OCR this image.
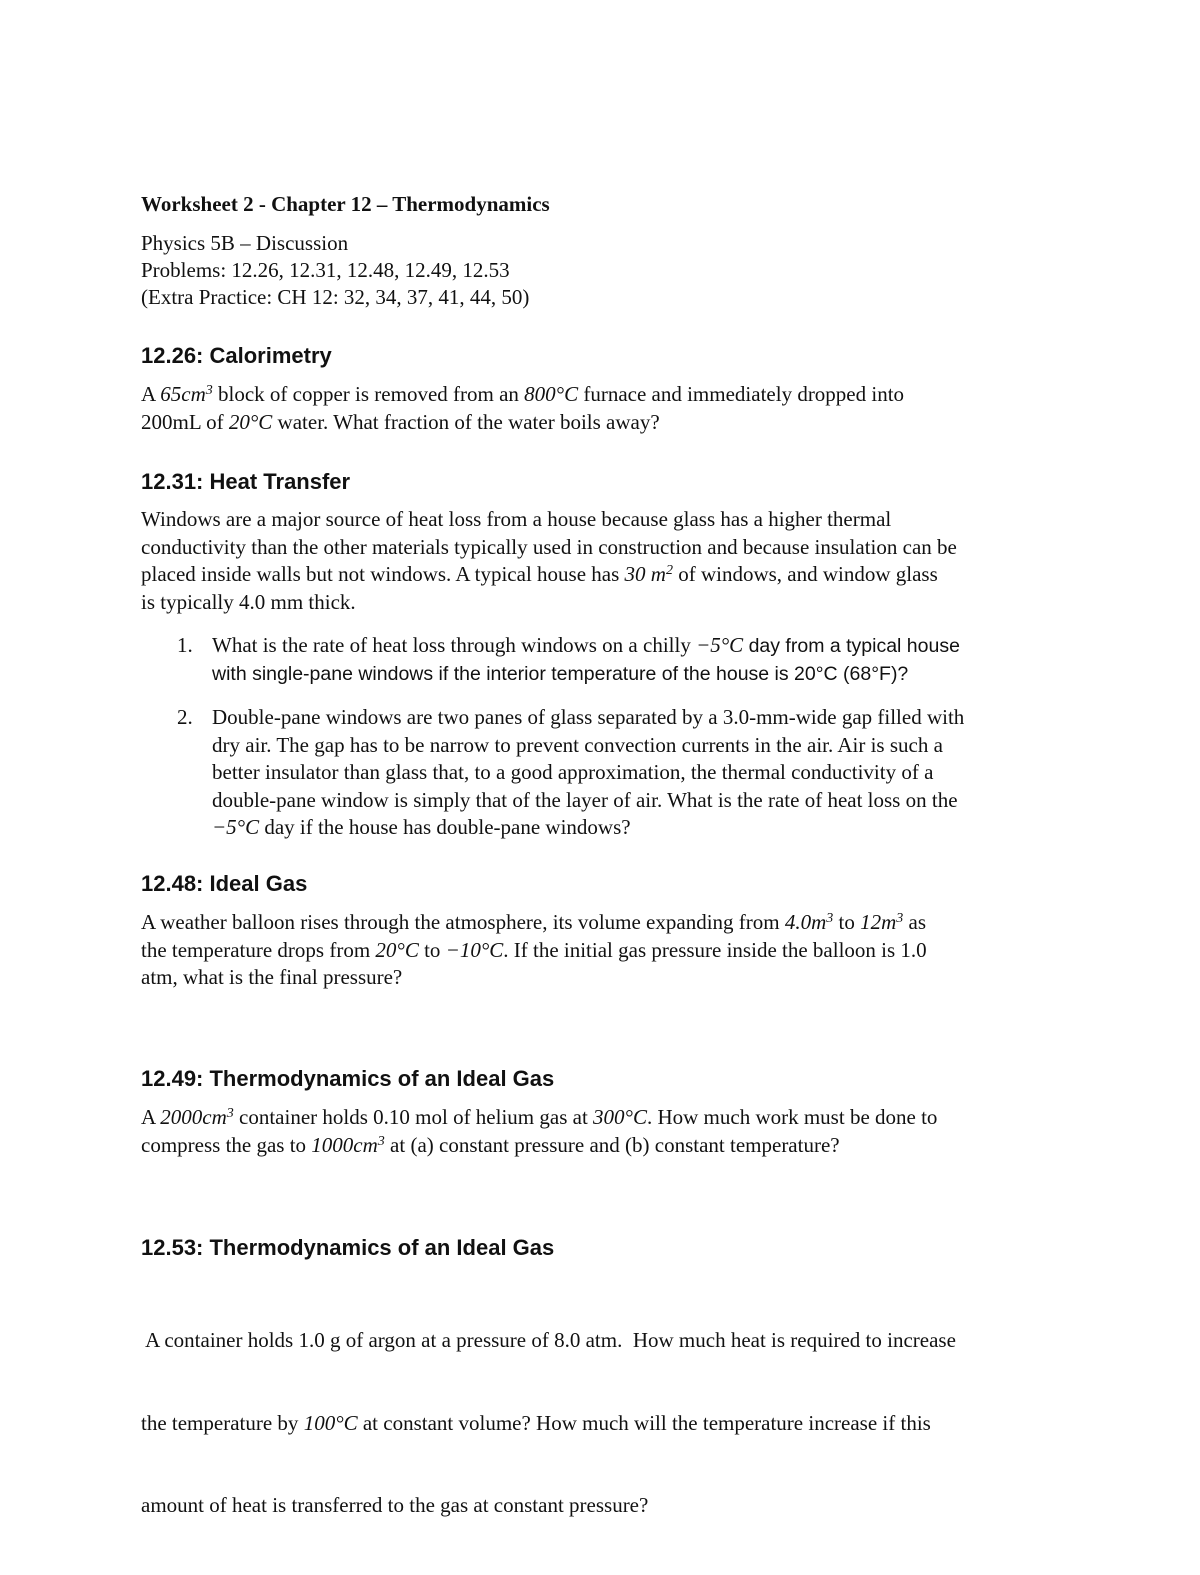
Worksheet 2 - Chapter 12 – Thermodynamics
Physics 5B – Discussion
Problems: 12.26, 12.31, 12.48, 12.49, 12.53
(Extra Practice: CH 12: 32, 34, 37, 41, 44, 50)
12.26: Calorimetry
A $65cm^3$ block of copper is removed from an 800°C furnace and immediately dropped into
200mL of 20°C water. What fraction of the water boils away?
12.31: Heat Transfer
Windows are a major source of heat loss from a house because glass has a higher thermal
conductivity than the other materials typically used in construction and because insulation can be
placed inside walls but not windows. A typical house has 30 $m^2$ of windows, and window glass
is typically 4.0 mm thick.
1. What is the rate of heat loss through windows on a chilly −5°C day from a typical house
with single-pane windows if the interior temperature of the house is 20°C (68°F)?
2. Double-pane windows are two panes of glass separated by a 3.0-mm-wide gap filled with
dry air. The gap has to be narrow to prevent convection currents in the air. Air is such a
better insulator than glass that, to a good approximation, the thermal conductivity of a
double-pane window is simply that of the layer of air. What is the rate of heat loss on the
−5°C day if the house has double-pane windows?
12.48: Ideal Gas
A weather balloon rises through the atmosphere, its volume expanding from $4.0m^3$ to $12m^3$ as
the temperature drops from 20°C to −10°C. If the initial gas pressure inside the balloon is 1.0
atm, what is the final pressure?
12.49: Thermodynamics of an Ideal Gas
A $2000cm^3$ container holds 0.10 mol of helium gas at 300°C. How much work must be done to
compress the gas to $1000cm^3$ at (a) constant pressure and (b) constant temperature?
12.53: Thermodynamics of an Ideal Gas

A container holds 1.0 g of argon at a pressure of 8.0 atm.  How much heat is required to increase

the temperature by 100°C at constant volume? How much will the temperature increase if this

amount of heat is transferred to the gas at constant pressure?
